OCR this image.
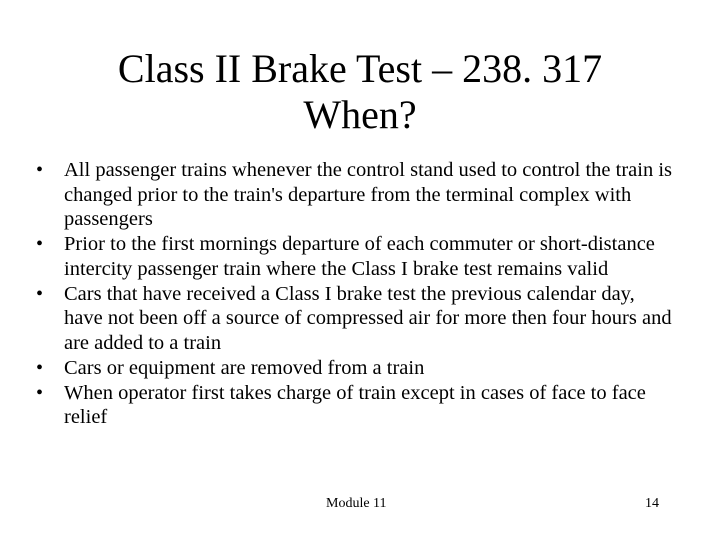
Class II Brake Test – 238. 317
When?
•	All passenger trains whenever the control stand used to control the train is changed prior to the train's departure from the terminal complex with passengers
•	Prior to the first mornings departure of each commuter or short-distance intercity passenger train where the Class I brake test remains valid
•	Cars that have received a Class I brake test the previous calendar day, have not been off a source of compressed air for more then four hours and are added to a train
•	Cars or equipment are removed from a train
•	When operator first takes charge of train except in cases of face to face relief
Module 11	14
